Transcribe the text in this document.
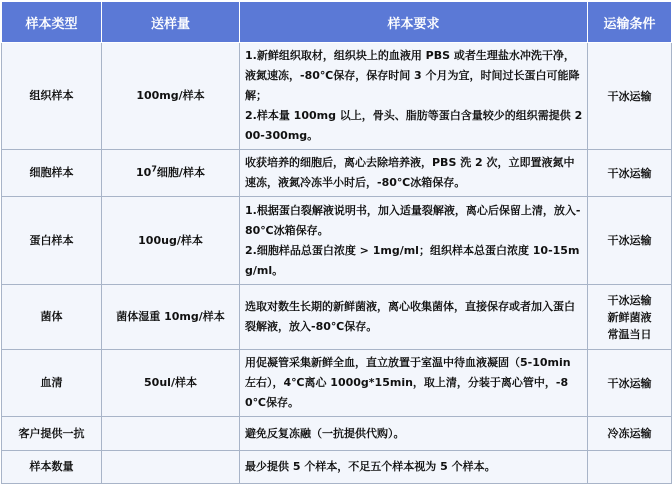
样本类型	送样量	样本要求	运输条件
组织样本	100mg/样本	1.新鲜组织取材，组织块上的血液用 PBS 或者生理盐水冲洗干净，液氮速冻，-80℃保存，保存时间 3 个月为宜，时间过长蛋白可能降解；
2.样本量 100mg 以上，骨头、脂肪等蛋白含量较少的组织需提供 200-300mg。	干冰运输

细胞样本	$10^7$细胞/样本	收获培养的细胞后，离心去除培养液，PBS 洗 2 次，立即置液氮中速冻，液氮冷冻半小时后，-80℃冰箱保存。	干冰运输

蛋白样本	100ug/样本	1.根据蛋白裂解液说明书，加入适量裂解液，离心后保留上清，放入-80℃冰箱保存。
2.细胞样品总蛋白浓度 > 1mg/ml；组织样本总蛋白浓度 10-15mg/ml。	干冰运输

菌体	菌体湿重 10mg/样本	选取对数生长期的新鲜菌液，离心收集菌体，直接保存或者加入蛋白裂解液，放入-80℃保存。	干冰运输
新鲜菌液
常温当日

血清	50ul/样本	用促凝管采集新鲜全血，直立放置于室温中待血液凝固（5-10min 左右），4℃离心 1000g*15min，取上清，分装于离心管中，-80℃保存。	干冰运输

客户提供一抗		避免反复冻融（一抗提供代购）。	冷冻运输

样本数量		最少提供 5 个样本，不足五个样本视为 5 个样本。	
